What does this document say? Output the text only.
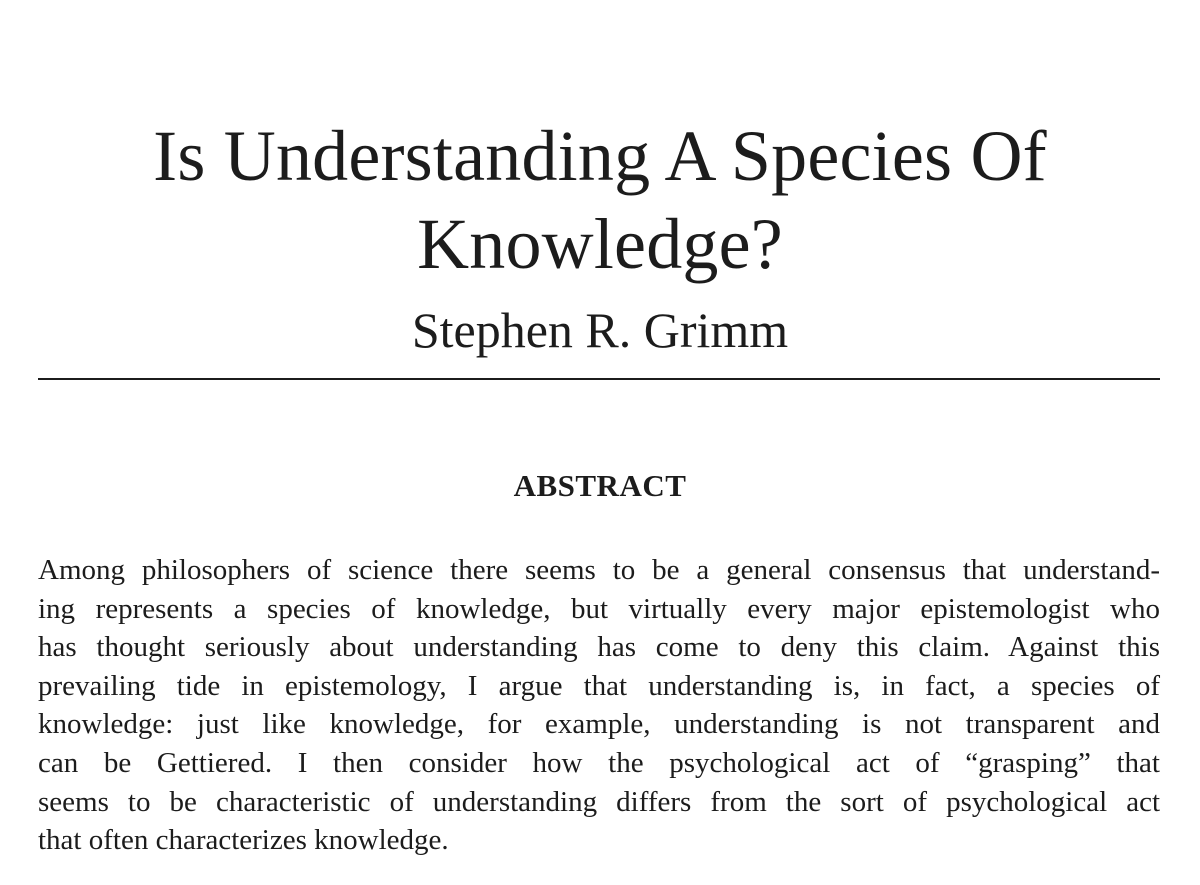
Is Understanding A Species Of
Knowledge?

Stephen R. Grimm

ABSTRACT
Among philosophers of science there seems to be a general consensus that understand-
ing represents a species of knowledge, but virtually every major epistemologist who
has thought seriously about understanding has come to deny this claim. Against this
prevailing tide in epistemology, I argue that understanding is, in fact, a species of
knowledge: just like knowledge, for example, understanding is not transparent and
can be Gettiered. I then consider how the psychological act of “grasping” that
seems to be characteristic of understanding differs from the sort of psychological act
that often characterizes knowledge.
